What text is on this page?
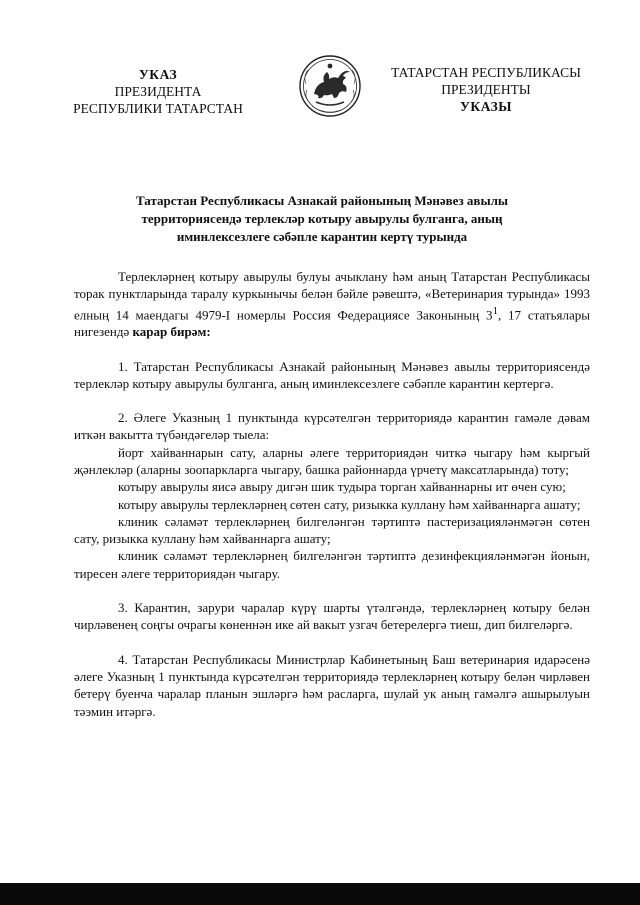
УКАЗ
ПРЕЗИДЕНТА
РЕСПУБЛИКИ ТАТАРСТАН
ТАТАРСТАН РЕСПУБЛИКАСЫ
ПРЕЗИДЕНТЫ
УКАЗЫ
Татарстан Республикасы Азнакай районының Мәнәвез авылы
территориясендә терлекләр котыру авырулы булганга, аның
иминлексезлеге сәбәпле карантин кертү турында

Терлекләрнең котыру авырулы булуы ачыклану һәм аның Татарстан Республикасы торак пунктларында таралу куркынычы белән бәйле рәвештә, «Ветеринария турында» 1993 елның 14 маендагы 4979-I номерлы Россия Федерациясе Законының $3^1$, 17 статьялары нигезендә карар бирәм:

1. Татарстан Республикасы Азнакай районының Мәнәвез авылы территориясендә терлекләр котыру авырулы булганга, аның иминлексезлеге сәбәпле карантин кертергә.

2. Әлеге Указның 1 пунктында күрсәтелгән территориядә карантин гамәле дәвам иткән вакытта түбәндәгеләр тыела:

йорт хайваннарын сату, аларны әлеге территориядән читкә чыгару һәм кыргый җәнлекләр (аларны зоопаркларга чыгару, башка районнарда үрчетү максатларында) тоту;

котыру авырулы яисә авыру дигән шик тудыра торган хайваннарны ит өчен сую;

котыру авырулы терлекләрнең сөтен сату, ризыкка куллану һәм хайваннарга ашату;

клиник сәламәт терлекләрнең билгеләнгән тәртиптә пастеризацияләнмәгән сөтен сату, ризыкка куллану һәм хайваннарга ашату;

клиник сәламәт терлекләрнең билгеләнгән тәртиптә дезинфекцияләнмәгән йонын, тиресен әлеге территориядән чыгару.

3. Карантин, зарури чаралар күрү шарты үтәлгәндә, терлекләрнең котыру белән чирләвенең соңгы очрагы көненнән ике ай вакыт узгач бетерелергә тиеш, дип билгеләргә.

4. Татарстан Республикасы Министрлар Кабинетының Баш ветеринария идарәсенә әлеге Указның 1 пунктында күрсәтелгән территориядә терлекләрнең котыру белән чирләвен бетерү буенча чаралар планын эшләргә һәм расларга, шулай ук аның гамәлгә ашырылуын тәэмин итәргә.
